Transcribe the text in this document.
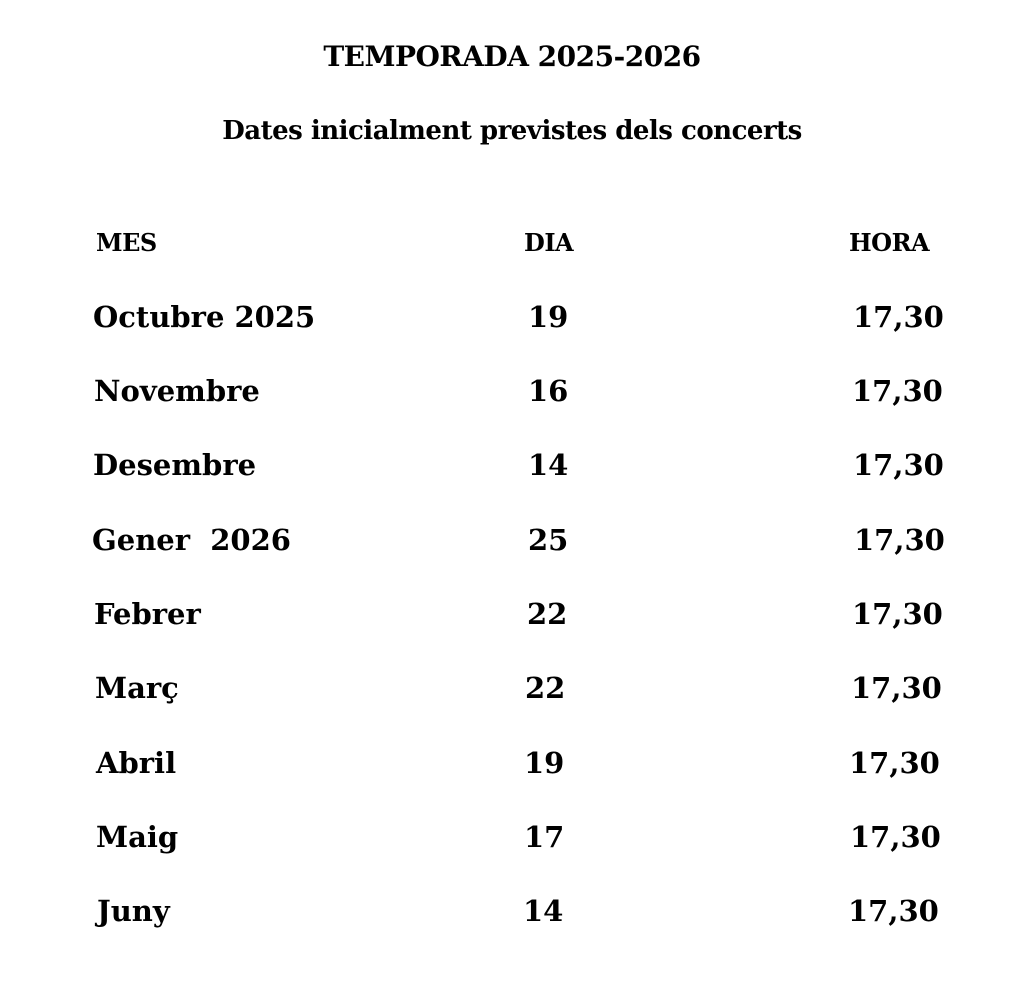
TEMPORADA 2025-2026
Dates inicialment previstes dels concerts
MES	DIA	HORA
Octubre 2025	19	17,30
Novembre	16	17,30
Desembre	14	17,30
Gener  2026	25	17,30
Febrer	22	17,30
Març	22	17,30
Abril	19	17,30
Maig	17	17,30
Juny	14	17,30
